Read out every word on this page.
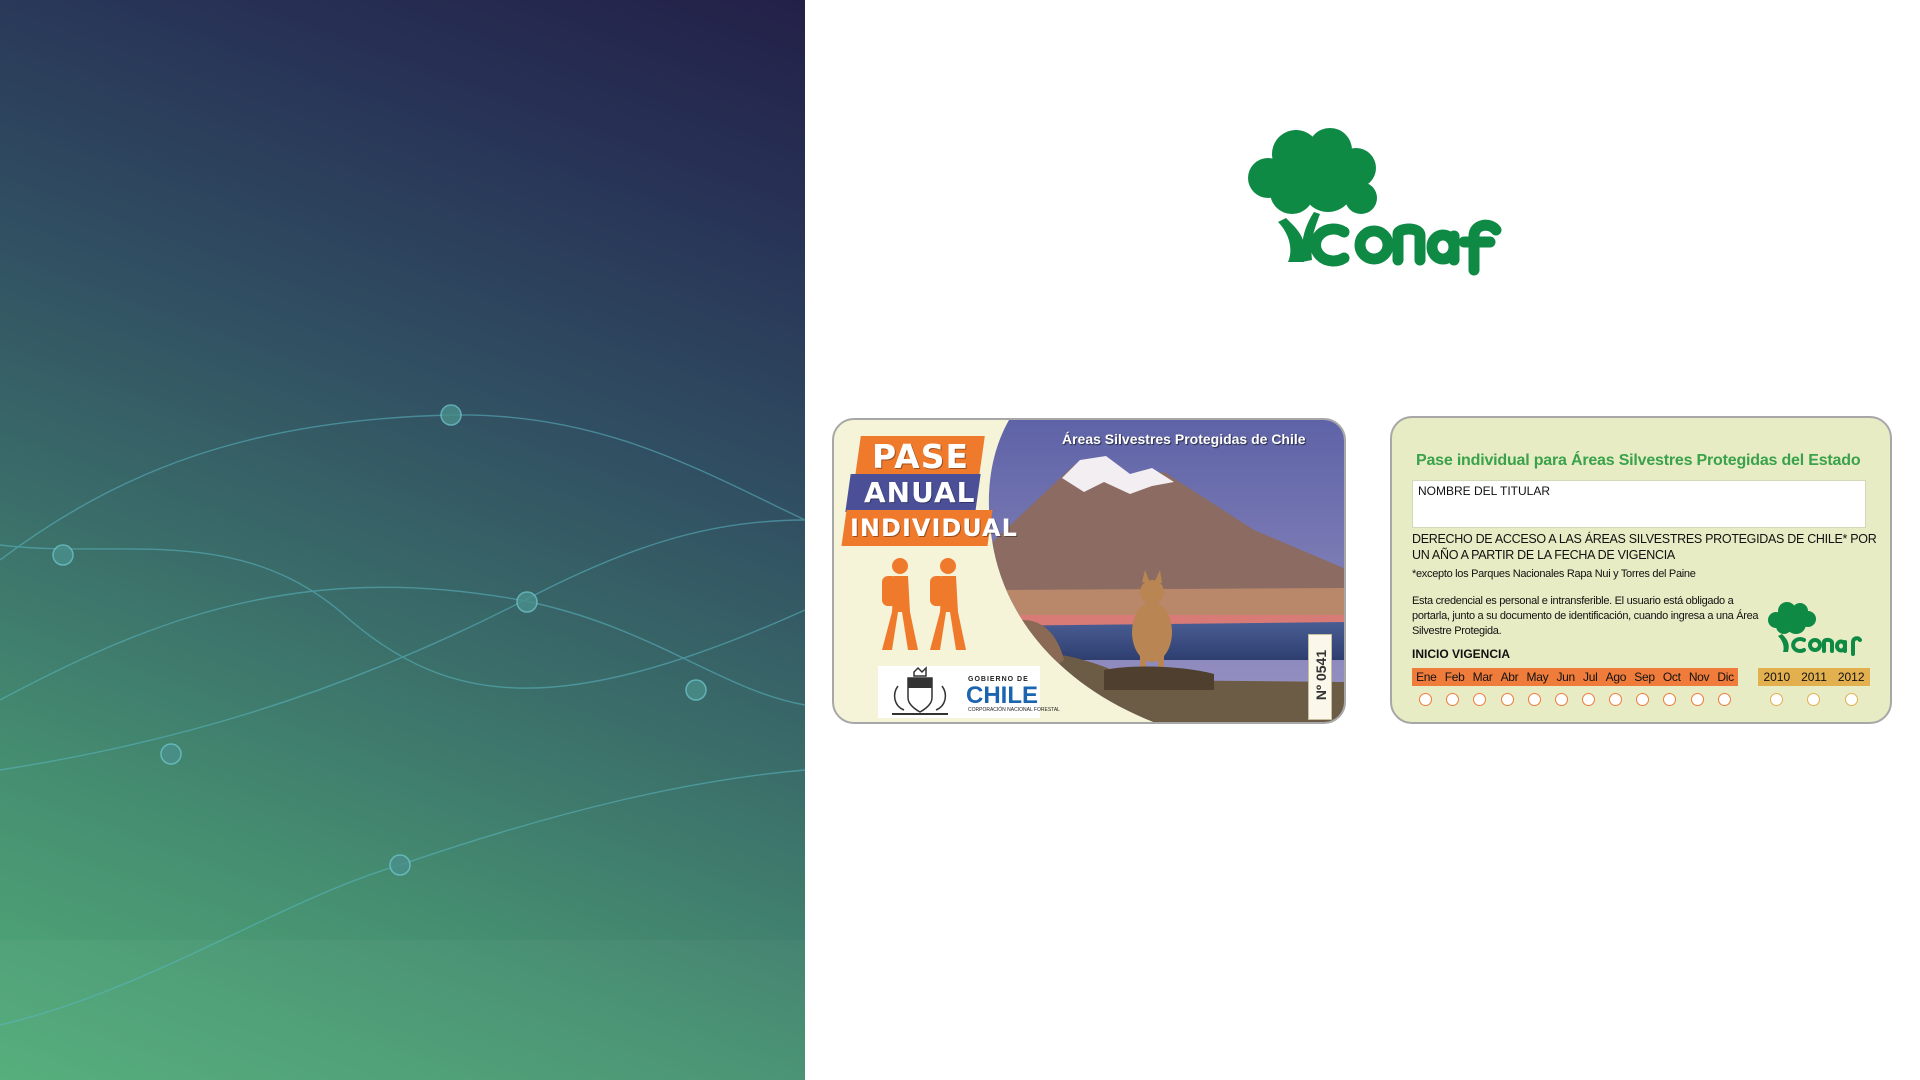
PASE
ANUAL
INDIVIDUAL
Áreas Silvestres Protegidas de Chile
GOBIERNO DE
CHILE
CORPORACIÓN NACIONAL FORESTAL
Nº 0541
Pase individual para Áreas Silvestres Protegidas del Estado
NOMBRE DEL TITULAR
DERECHO DE ACCESO A LAS ÁREAS SILVESTRES PROTEGIDAS DE CHILE* POR UN AÑO A PARTIR DE LA FECHA DE VIGENCIA
*excepto los Parques Nacionales Rapa Nui y Torres del Paine
Esta credencial es personal e intransferible. El usuario está obligado a portarla, junto a su documento de identificación, cuando ingresa a una Área Silvestre Protegida.
INICIO VIGENCIA
Ene Feb Mar Abr May Jun Jul Ago Sep Oct Nov Dic 2010 2011 2012
